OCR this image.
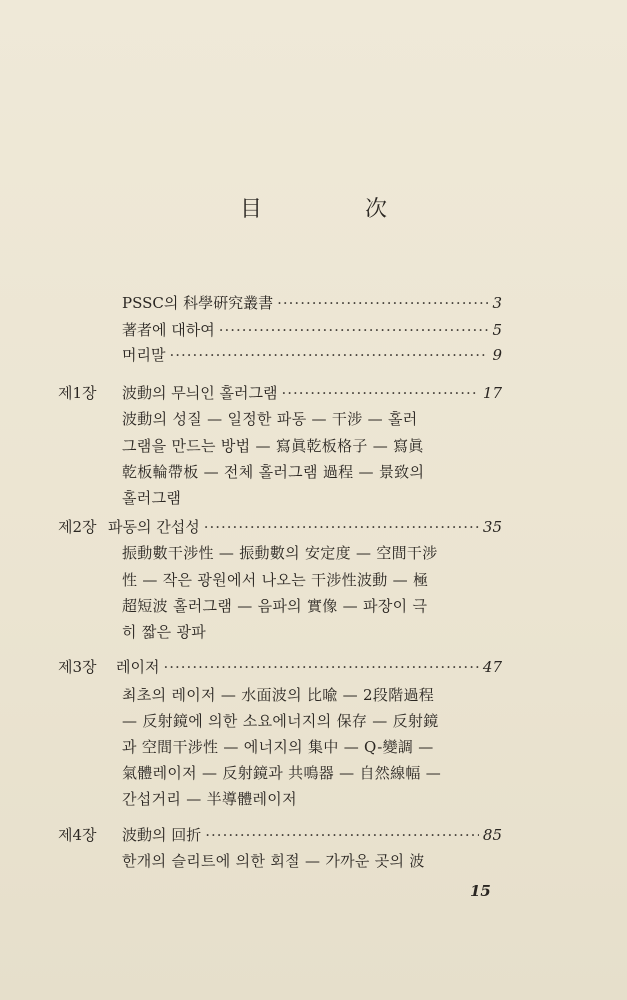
目 次
PSSC의 科學硏究叢書 ·····	3
著者에 대하여 ·····	5
머리말 ·····	9
제1장 波動의 무늬인 홀러그램 ·····	17
波動의 성질 — 일정한 파동 — 干涉 — 홀러
그램을 만드는 방법 — 寫眞乾板格子 — 寫眞
乾板輪帶板 — 전체 홀러그램 過程 — 景致의
홀러그램
제2장 파동의 간섭성 ·····	35
振動數干涉性 — 振動數의 安定度 — 空間干涉
性 — 작은 광원에서 나오는 干涉性波動 — 極
超短波 홀러그램 — 음파의 實像 — 파장이 극
히 짧은 광파
제3장 레이저 ·····	47
최초의 레이저 — 水面波의 比喩 — 2段階過程
— 反射鏡에 의한 소요에너지의 保存 — 反射鏡
과 空間干涉性 — 에너지의 集中 — Q-變調 —
氣體레이저 — 反射鏡과 共鳴器 — 自然線幅 —
간섭거리 — 半導體레이저
제4장 波動의 回折 ·····	85
한개의 슬리트에 의한 회절 — 가까운 곳의 波
15
